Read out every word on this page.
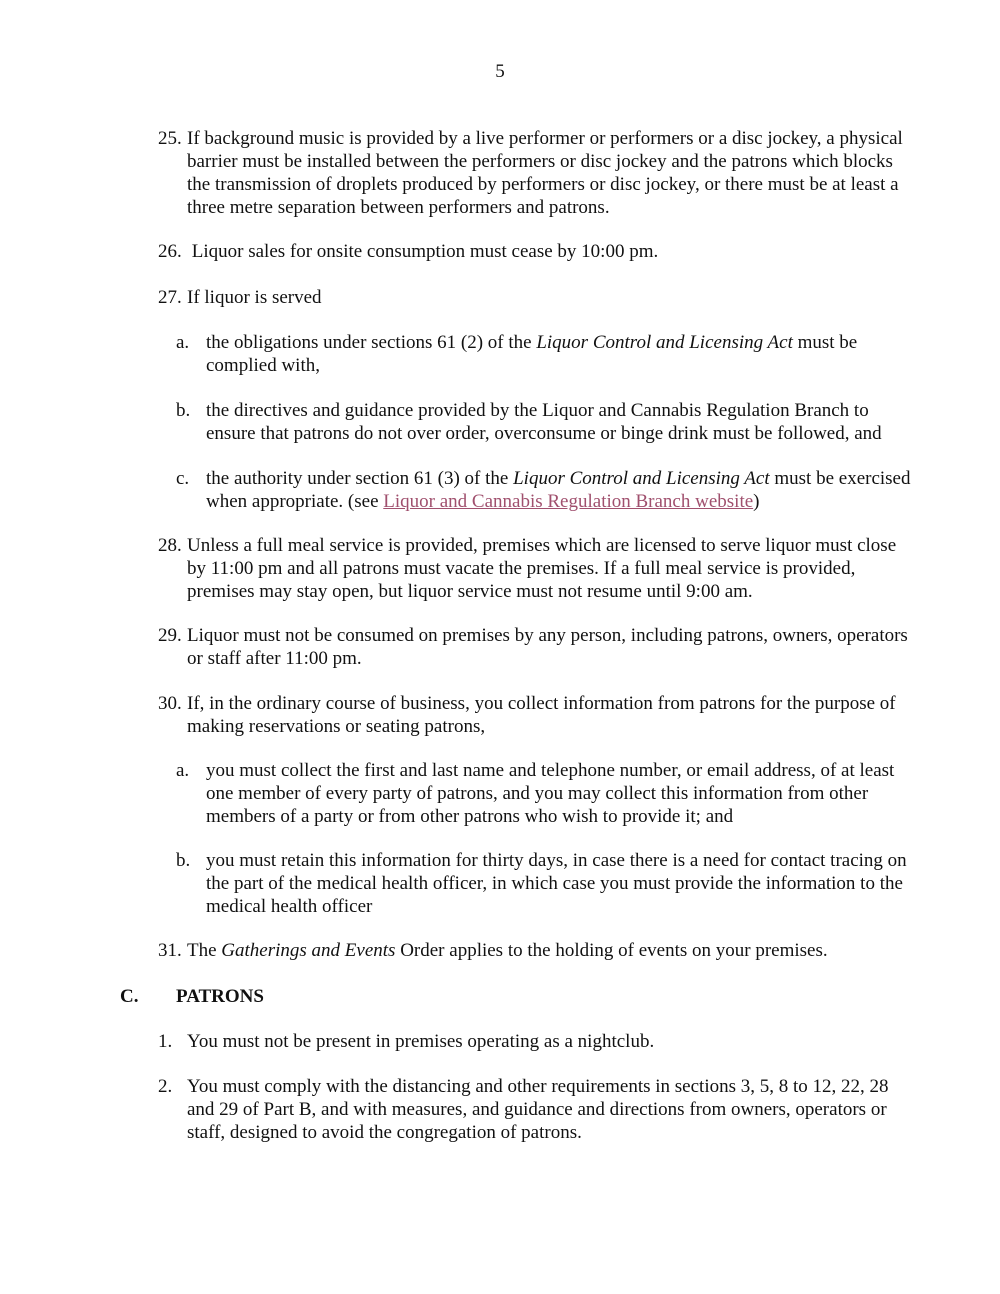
5
25. If background music is provided by a live performer or performers or a disc jockey, a physical barrier must be installed between the performers or disc jockey and the patrons which blocks the transmission of droplets produced by performers or disc jockey, or there must be at least a three metre separation between performers and patrons.
26. Liquor sales for onsite consumption must cease by 10:00 pm.
27. If liquor is served
a. the obligations under sections 61 (2) of the Liquor Control and Licensing Act must be complied with,
b. the directives and guidance provided by the Liquor and Cannabis Regulation Branch to ensure that patrons do not over order, overconsume or binge drink must be followed, and
c. the authority under section 61 (3) of the Liquor Control and Licensing Act must be exercised when appropriate. (see Liquor and Cannabis Regulation Branch website)
28. Unless a full meal service is provided, premises which are licensed to serve liquor must close by 11:00 pm and all patrons must vacate the premises. If a full meal service is provided, premises may stay open, but liquor service must not resume until 9:00 am.
29. Liquor must not be consumed on premises by any person, including patrons, owners, operators or staff after 11:00 pm.
30. If, in the ordinary course of business, you collect information from patrons for the purpose of making reservations or seating patrons,
a. you must collect the first and last name and telephone number, or email address, of at least one member of every party of patrons, and you may collect this information from other members of a party or from other patrons who wish to provide it; and
b. you must retain this information for thirty days, in case there is a need for contact tracing on the part of the medical health officer, in which case you must provide the information to the medical health officer
31. The Gatherings and Events Order applies to the holding of events on your premises.
C. PATRONS
1. You must not be present in premises operating as a nightclub.
2. You must comply with the distancing and other requirements in sections 3, 5, 8 to 12, 22, 28 and 29 of Part B, and with measures, and guidance and directions from owners, operators or staff, designed to avoid the congregation of patrons.
